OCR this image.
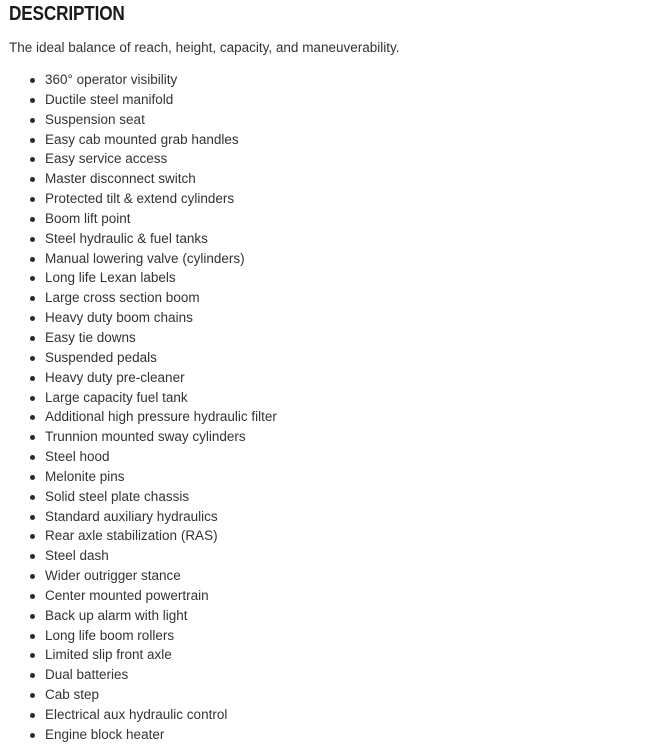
DESCRIPTION

The ideal balance of reach, height, capacity, and maneuverability.

360° operator visibility
Ductile steel manifold
Suspension seat
Easy cab mounted grab handles
Easy service access
Master disconnect switch
Protected tilt & extend cylinders
Boom lift point
Steel hydraulic & fuel tanks
Manual lowering valve (cylinders)
Long life Lexan labels
Large cross section boom
Heavy duty boom chains
Easy tie downs
Suspended pedals
Heavy duty pre-cleaner
Large capacity fuel tank
Additional high pressure hydraulic filter
Trunnion mounted sway cylinders
Steel hood
Melonite pins
Solid steel plate chassis
Standard auxiliary hydraulics
Rear axle stabilization (RAS)
Steel dash
Wider outrigger stance
Center mounted powertrain
Back up alarm with light
Long life boom rollers
Limited slip front axle
Dual batteries
Cab step
Electrical aux hydraulic control
Engine block heater
